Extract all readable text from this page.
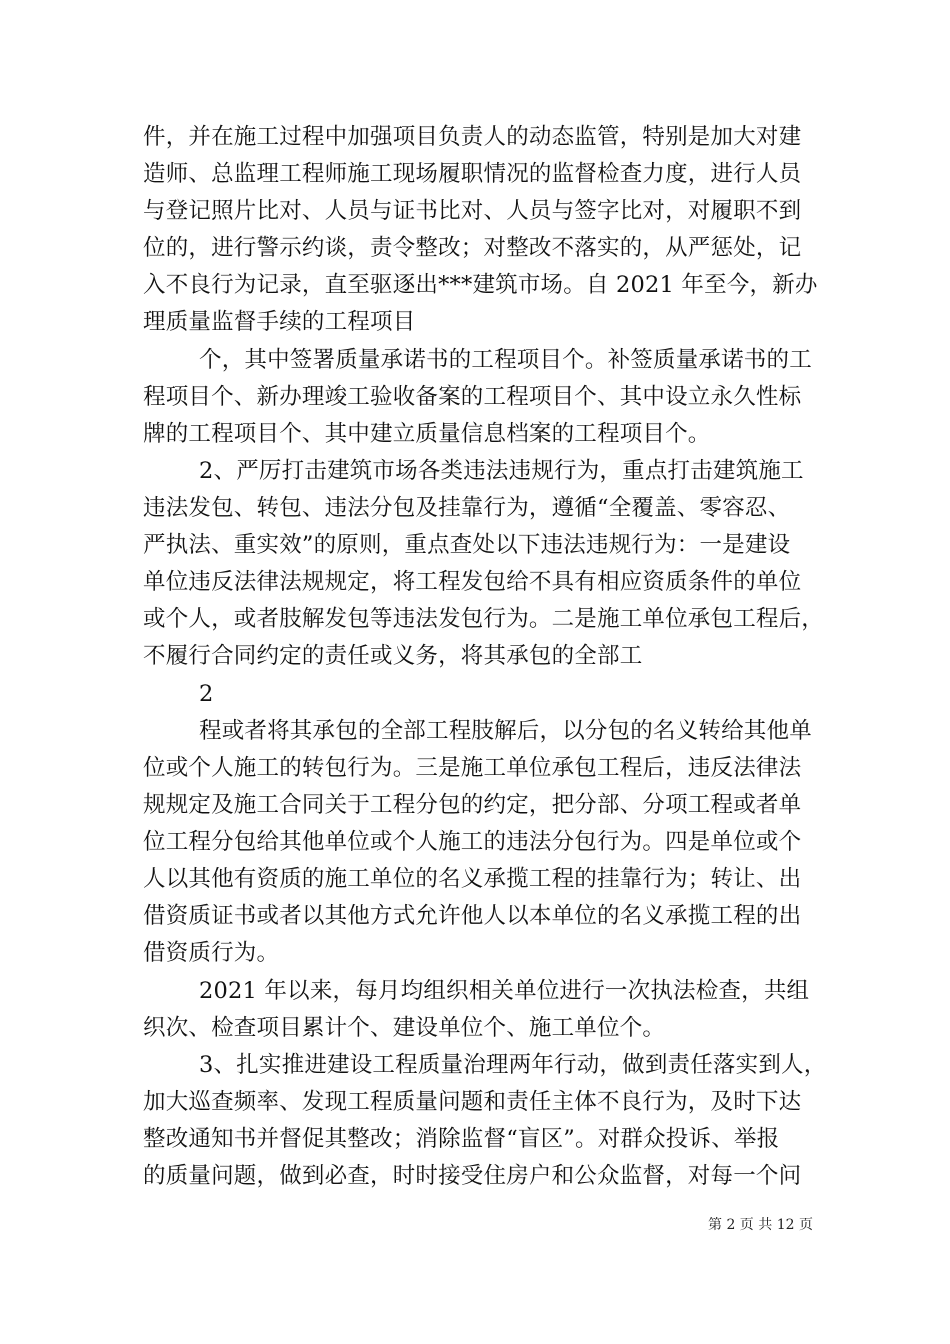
件，并在施工过程中加强项目负责人的动态监管，特别是加大对建
造师、总监理工程师施工现场履职情况的监督检查力度，进行人员
与登记照片比对、人员与证书比对、人员与签字比对，对履职不到
位的，进行警示约谈，责令整改；对整改不落实的，从严惩处，记
入不良行为记录，直至驱逐出***建筑市场。自 2021 年至今，新办
理质量监督手续的工程项目
个，其中签署质量承诺书的工程项目个。补签质量承诺书的工
程项目个、新办理竣工验收备案的工程项目个、其中设立永久性标
牌的工程项目个、其中建立质量信息档案的工程项目个。
2、严厉打击建筑市场各类违法违规行为，重点打击建筑施工
违法发包、转包、违法分包及挂靠行为，遵循“全覆盖、零容忍、
严执法、重实效”的原则，重点查处以下违法违规行为：一是建设
单位违反法律法规规定，将工程发包给不具有相应资质条件的单位
或个人，或者肢解发包等违法发包行为。二是施工单位承包工程后，
不履行合同约定的责任或义务，将其承包的全部工
2
程或者将其承包的全部工程肢解后，以分包的名义转给其他单
位或个人施工的转包行为。三是施工单位承包工程后，违反法律法
规规定及施工合同关于工程分包的约定，把分部、分项工程或者单
位工程分包给其他单位或个人施工的违法分包行为。四是单位或个
人以其他有资质的施工单位的名义承揽工程的挂靠行为；转让、出
借资质证书或者以其他方式允许他人以本单位的名义承揽工程的出
借资质行为。
2021 年以来，每月均组织相关单位进行一次执法检查，共组
织次、检查项目累计个、建设单位个、施工单位个。
3、扎实推进建设工程质量治理两年行动，做到责任落实到人，
加大巡查频率、发现工程质量问题和责任主体不良行为，及时下达
整改通知书并督促其整改；消除监督“盲区”。对群众投诉、举报
的质量问题，做到必查，时时接受住房户和公众监督，对每一个问
第 2 页 共 12 页
